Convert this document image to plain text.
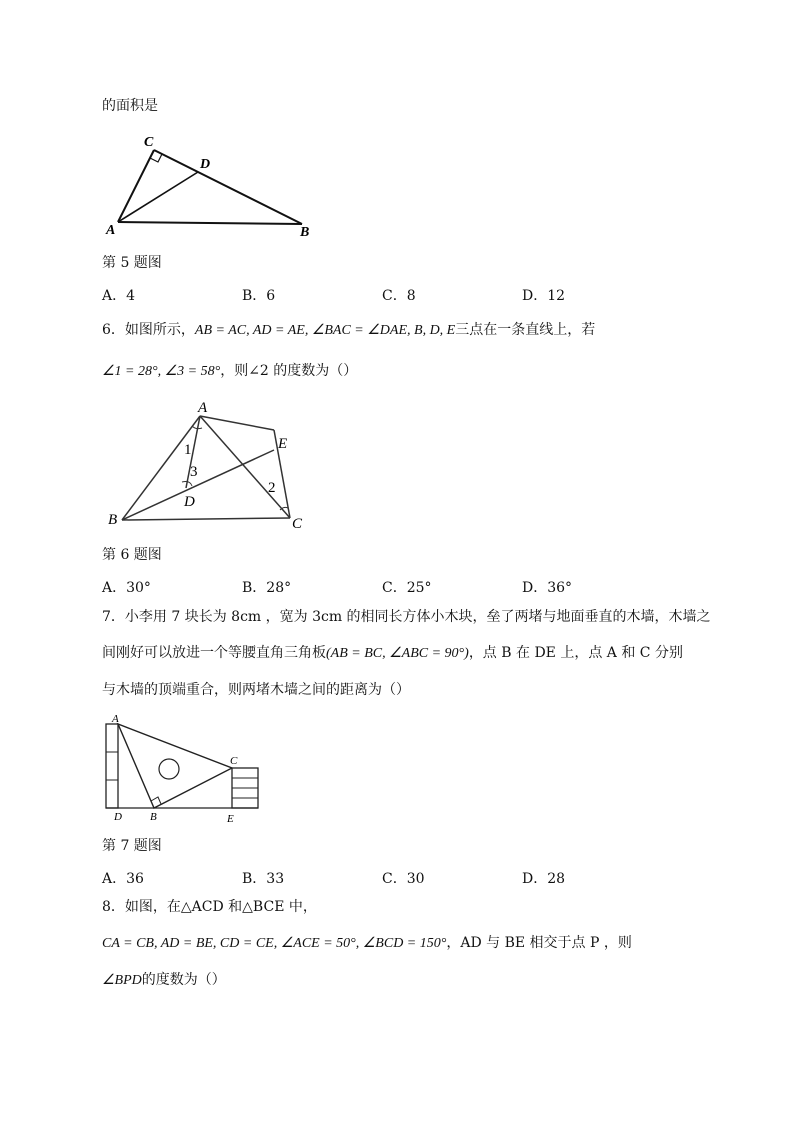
的面积是
C
D
A	B
第 5 题图
A．4	B．6	C．8	D．12
6．如图所示，AB = AC, AD = AE, ∠BAC = ∠DAE, B, D, E三点在一条直线上，若
∠1 = 28°, ∠3 = 58°，则∠2 的度数为（）
A
E
B	C
D
1
3
2
第 6 题图
A．30°	B．28°	C．25°	D．36°
7．小李用 7 块长为 8cm ，宽为 3cm 的相同长方体小木块，垒了两堵与地面垂直的木墙，木墙之
间刚好可以放进一个等腰直角三角板(AB = BC, ∠ABC = 90°)，点 B 在 DE 上，点 A 和 C 分别
与木墙的顶端重合，则两堵木墙之间的距离为（）
A
C
D	B	E
第 7 题图
A．36	B．33	C．30	D．28
8．如图，在△ACD 和△BCE 中，
CA = CB, AD = BE, CD = CE, ∠ACE = 50°, ∠BCD = 150°，AD 与 BE 相交于点 P ，则
∠BPD的度数为（）
